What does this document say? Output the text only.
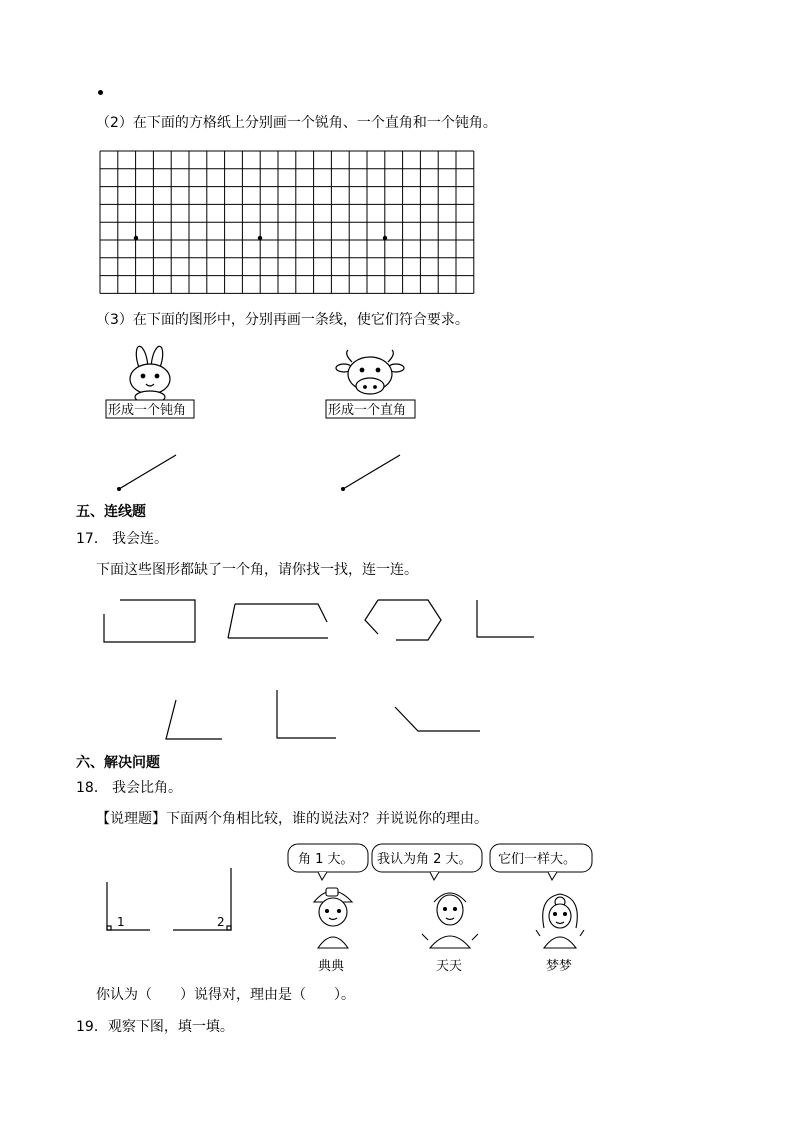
（2）在下面的方格纸上分别画一个锐角、一个直角和一个钝角。
形成一个钝角	形成一个直角
1	2
角 1 大。 我认为角 2 大。 它们一样大。
典典	天天	梦梦
（3）在下面的图形中，分别再画一条线，使它们符合要求。
五、连线题
17． 我会连。
下面这些图形都缺了一个角，请你找一找，连一连。
六、解决问题
18． 我会比角。
【说理题】下面两个角相比较，谁的说法对？并说说你的理由。
你认为（　　）说得对，理由是（　　）。
19．观察下图，填一填。
